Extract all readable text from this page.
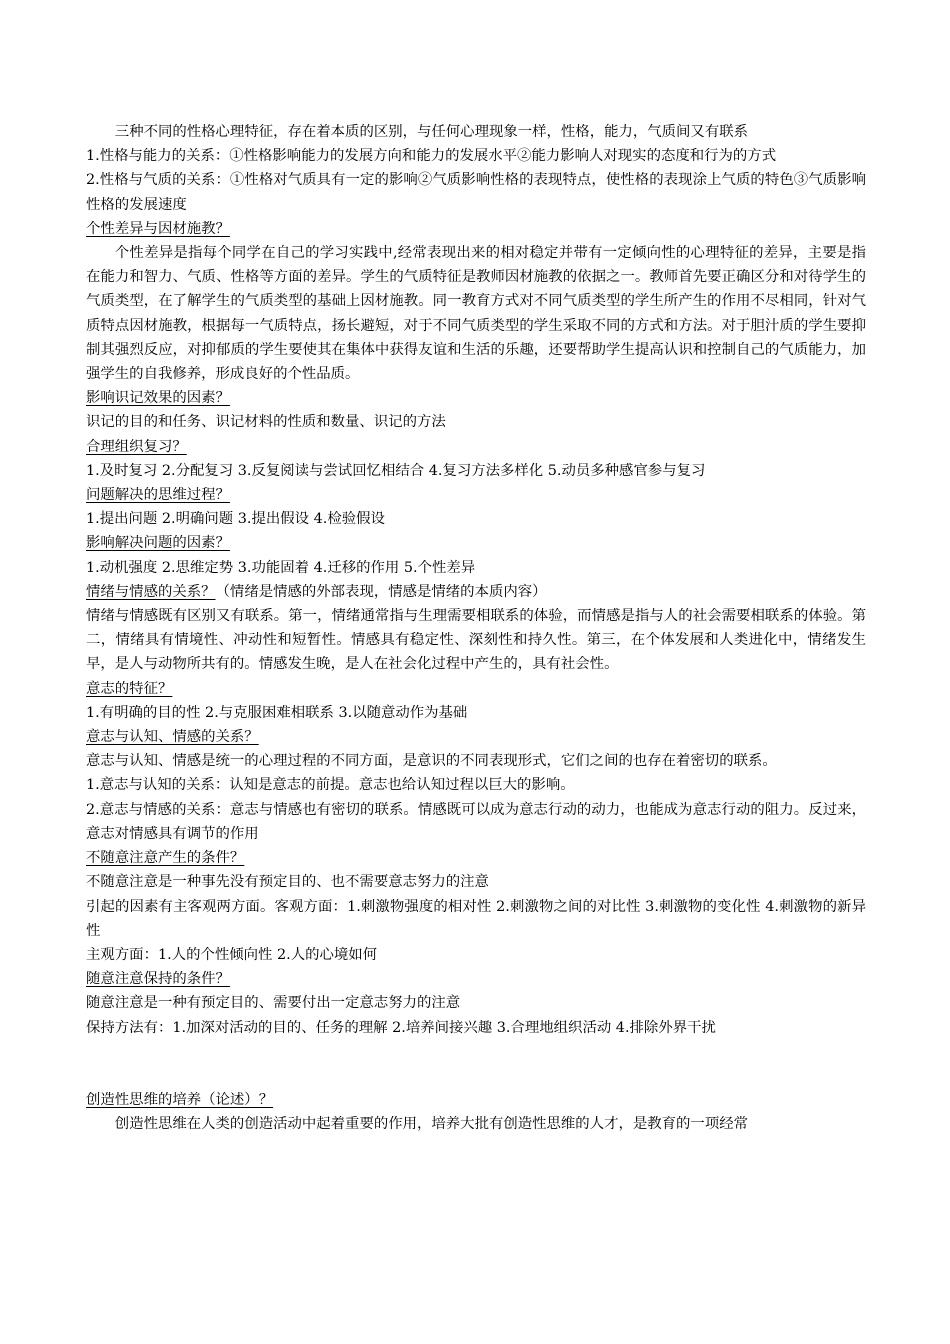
三种不同的性格心理特征，存在着本质的区别，与任何心理现象一样，性格，能力，气质间又有联系

1.性格与能力的关系：①性格影响能力的发展方向和能力的发展水平②能力影响人对现实的态度和行为的方式

2.性格与气质的关系：①性格对气质具有一定的影响②气质影响性格的表现特点，使性格的表现涂上气质的特色③气质影响性格的发展速度

个性差异与因材施教？

个性差异是指每个同学在自己的学习实践中,经常表现出来的相对稳定并带有一定倾向性的心理特征的差异，主要是指在能力和智力、气质、性格等方面的差异。学生的气质特征是教师因材施教的依据之一。教师首先要正确区分和对待学生的气质类型，在了解学生的气质类型的基础上因材施教。同一教育方式对不同气质类型的学生所产生的作用不尽相同，针对气质特点因材施教，根据每一气质特点，扬长避短，对于不同气质类型的学生采取不同的方式和方法。对于胆汁质的学生要抑制其强烈反应，对抑郁质的学生要使其在集体中获得友谊和生活的乐趣，还要帮助学生提高认识和控制自己的气质能力，加强学生的自我修养，形成良好的个性品质。

影响识记效果的因素？

识记的目的和任务、识记材料的性质和数量、识记的方法

合理组织复习？

1.及时复习 2.分配复习 3.反复阅读与尝试回忆相结合 4.复习方法多样化 5.动员多种感官参与复习

问题解决的思维过程？

1.提出问题 2.明确问题 3.提出假设 4.检验假设

影响解决问题的因素？

1.动机强度 2.思维定势 3.功能固着 4.迁移的作用 5.个性差异

情绪与情感的关系？（情绪是情感的外部表现，情感是情绪的本质内容）

情绪与情感既有区别又有联系。第一，情绪通常指与生理需要相联系的体验，而情感是指与人的社会需要相联系的体验。第二，情绪具有情境性、冲动性和短暂性。情感具有稳定性、深刻性和持久性。第三，在个体发展和人类进化中，情绪发生早，是人与动物所共有的。情感发生晚，是人在社会化过程中产生的，具有社会性。

意志的特征？

1.有明确的目的性 2.与克服困难相联系 3.以随意动作为基础

意志与认知、情感的关系？

意志与认知、情感是统一的心理过程的不同方面，是意识的不同表现形式，它们之间的也存在着密切的联系。

1.意志与认知的关系：认知是意志的前提。意志也给认知过程以巨大的影响。

2.意志与情感的关系：意志与情感也有密切的联系。情感既可以成为意志行动的动力，也能成为意志行动的阻力。反过来，意志对情感具有调节的作用

不随意注意产生的条件？

不随意注意是一种事先没有预定目的、也不需要意志努力的注意

引起的因素有主客观两方面。客观方面：1.刺激物强度的相对性 2.刺激物之间的对比性 3.刺激物的变化性 4.刺激物的新异性

主观方面：1.人的个性倾向性 2.人的心境如何

随意注意保持的条件？

随意注意是一种有预定目的、需要付出一定意志努力的注意

保持方法有：1.加深对活动的目的、任务的理解 2.培养间接兴趣 3.合理地组织活动 4.排除外界干扰

创造性思维的培养（论述）？

创造性思维在人类的创造活动中起着重要的作用，培养大批有创造性思维的人才，是教育的一项经常
